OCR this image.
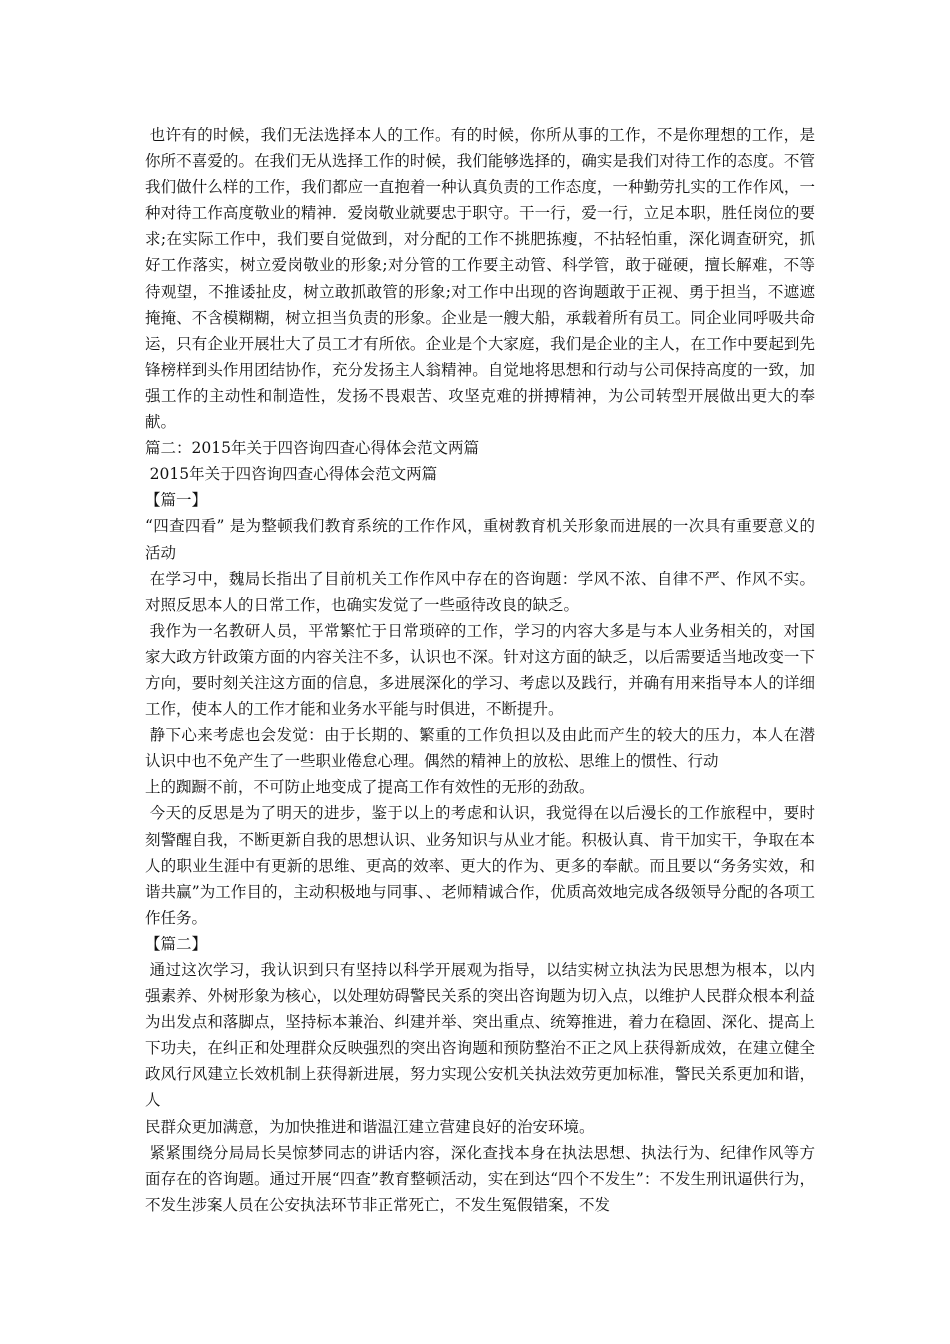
也许有的时候，我们无法选择本人的工作。有的时候，你所从事的工作，不是你理想的工作，是你所不喜爱的。在我们无从选择工作的时候，我们能够选择的，确实是我们对待工作的态度。不管我们做什么样的工作，我们都应一直抱着一种认真负责的工作态度，一种勤劳扎实的工作作风，一种对待工作高度敬业的精神．爱岗敬业就要忠于职守。干一行，爱一行，立足本职，胜任岗位的要求;在实际工作中，我们要自觉做到，对分配的工作不挑肥拣瘦，不拈轻怕重，深化调查研究，抓好工作落实，树立爱岗敬业的形象;对分管的工作要主动管、科学管，敢于碰硬，擅长解难，不等待观望，不推诿扯皮，树立敢抓敢管的形象;对工作中出现的咨询题敢于正视、勇于担当，不遮遮掩掩、不含模糊糊，树立担当负责的形象。企业是一艘大船，承载着所有员工。同企业同呼吸共命运，只有企业开展壮大了员工才有所依。企业是个大家庭，我们是企业的主人，在工作中要起到先锋榜样到头作用团结协作，充分发扬主人翁精神。自觉地将思想和行动与公司保持高度的一致，加强工作的主动性和制造性，发扬不畏艰苦、攻坚克难的拼搏精神，为公司转型开展做出更大的奉献。

篇二：2015年关于四咨询四查心得体会范文两篇

2015年关于四咨询四查心得体会范文两篇

【篇一】

“四查四看” 是为整顿我们教育系统的工作作风，重树教育机关形象而进展的一次具有重要意义的活动

在学习中，魏局长指出了目前机关工作作风中存在的咨询题：学风不浓、自律不严、作风不实。对照反思本人的日常工作，也确实发觉了一些亟待改良的缺乏。

我作为一名教研人员，平常繁忙于日常琐碎的工作，学习的内容大多是与本人业务相关的，对国家大政方针政策方面的内容关注不多，认识也不深。针对这方面的缺乏，以后需要适当地改变一下方向，要时刻关注这方面的信息，多进展深化的学习、考虑以及践行，并确有用来指导本人的详细工作，使本人的工作才能和业务水平能与时俱进，不断提升。

静下心来考虑也会发觉：由于长期的、繁重的工作负担以及由此而产生的较大的压力，本人在潜认识中也不免产生了一些职业倦怠心理。偶然的精神上的放松、思维上的惯性、行动

上的踟蹰不前，不可防止地变成了提高工作有效性的无形的劲敌。

今天的反思是为了明天的进步，鉴于以上的考虑和认识，我觉得在以后漫长的工作旅程中，要时刻警醒自我，不断更新自我的思想认识、业务知识与从业才能。积极认真、肯干加实干，争取在本人的职业生涯中有更新的思维、更高的效率、更大的作为、更多的奉献。而且要以“务务实效，和谐共赢”为工作目的，主动积极地与同事、、老师精诚合作，优质高效地完成各级领导分配的各项工作任务。

【篇二】

通过这次学习，我认识到只有坚持以科学开展观为指导，以结实树立执法为民思想为根本，以内强素养、外树形象为核心，以处理妨碍警民关系的突出咨询题为切入点，以维护人民群众根本利益为出发点和落脚点，坚持标本兼治、纠建并举、突出重点、统筹推进，着力在稳固、深化、提高上下功夫，在纠正和处理群众反映强烈的突出咨询题和预防整治不正之风上获得新成效，在建立健全政风行风建立长效机制上获得新进展，努力实现公安机关执法效劳更加标准，警民关系更加和谐，人

民群众更加满意，为加快推进和谐温江建立营建良好的治安环境。

紧紧围绕分局局长吴惊梦同志的讲话内容，深化查找本身在执法思想、执法行为、纪律作风等方面存在的咨询题。通过开展“四查”教育整顿活动，实在到达“四个不发生”：不发生刑讯逼供行为，不发生涉案人员在公安执法环节非正常死亡，不发生冤假错案，不发
